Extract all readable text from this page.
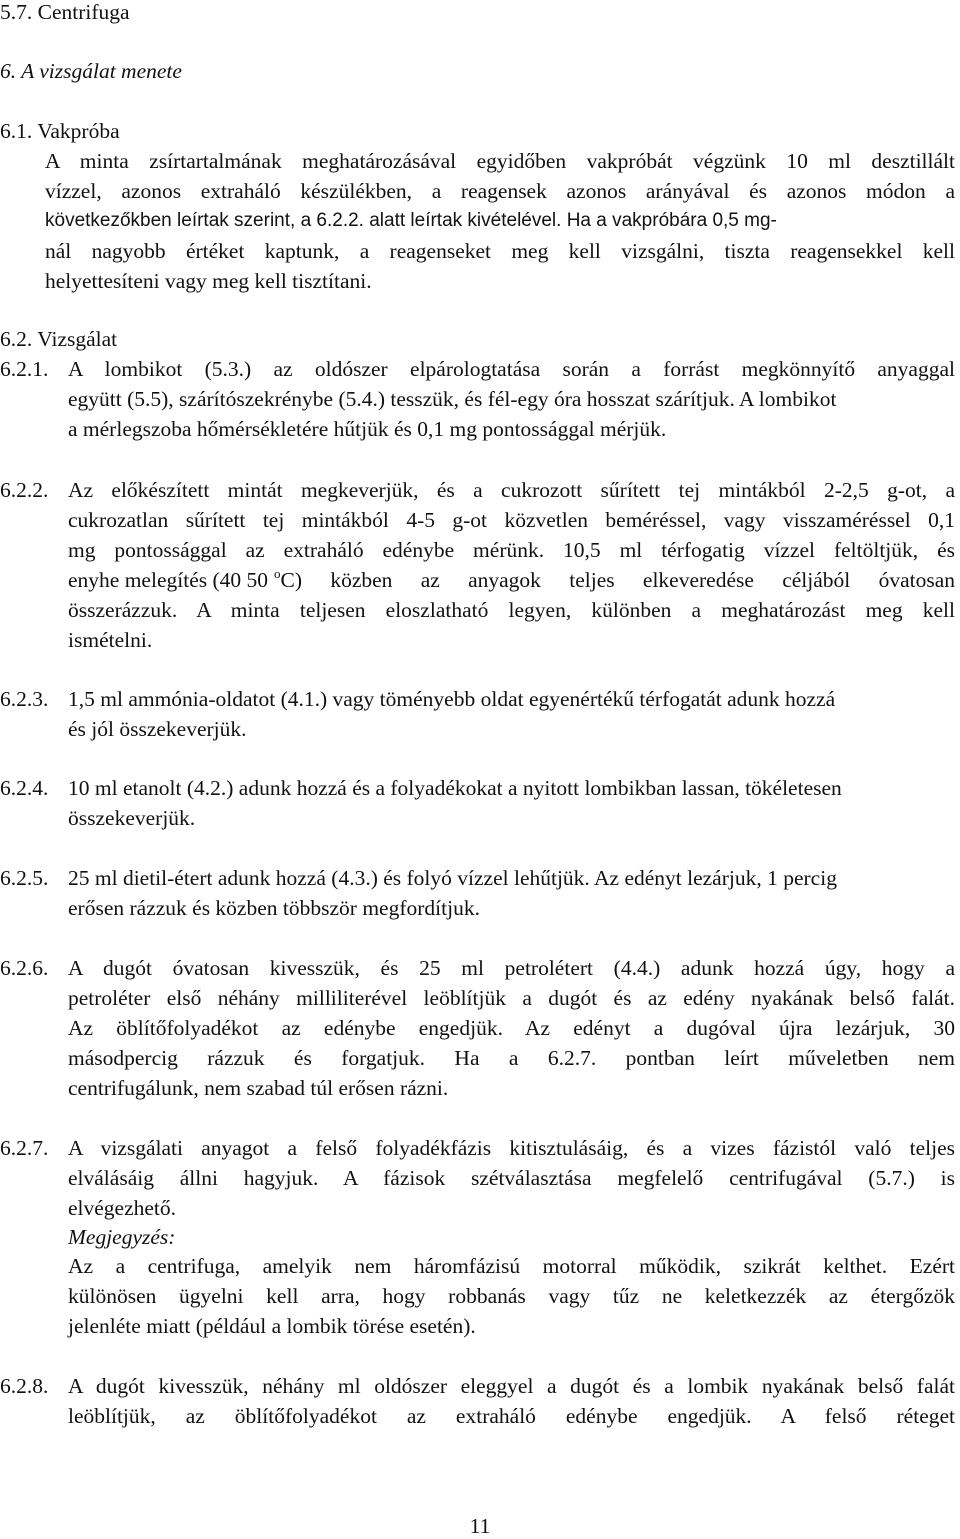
5.7. Centrifuga
6. A vizsgálat menete
6.1. Vakpróba
A minta zsírtartalmának meghatározásával egyidőben vakpróbát végzünk 10 ml desztillált
vízzel, azonos extraháló készülékben, a reagensek azonos arányával és azonos módon a
következőkben leírtak szerint, a 6.2.2. alatt leírtak kivételével. Ha a vakpróbára 0,5 mg-
nál nagyobb értéket kaptunk, a reagenseket meg kell vizsgálni, tiszta reagensekkel kell
helyettesíteni vagy meg kell tisztítani.
6.2. Vizsgálat
6.2.1. A lombikot (5.3.) az oldószer elpárologtatása során a forrást megkönnyítő anyaggal
együtt (5.5), szárítószekrénybe (5.4.) tesszük, és fél-egy óra hosszat szárítjuk. A lombikot
a mérlegszoba hőmérsékletére hűtjük és 0,1 mg pontossággal mérjük.
6.2.2. Az előkészített mintát megkeverjük, és a cukrozott sűrített tej mintákból 2-2,5 g-ot, a
cukrozatlan sűrített tej mintákból 4-5 g-ot közvetlen beméréssel, vagy visszaméréssel 0,1
mg pontossággal az extraháló edénybe mérünk. 10,5 ml térfogatig vízzel feltöltjük, és
enyhe melegítés (40 50 $^o$C) közben az anyagok teljes elkeveredése céljából óvatosan
összerázzuk. A minta teljesen eloszlatható legyen, különben a meghatározást meg kell
ismételni.
6.2.3. 1,5 ml ammónia-oldatot (4.1.) vagy töményebb oldat egyenértékű térfogatát adunk hozzá
és jól összekeverjük.
6.2.4. 10 ml etanolt (4.2.) adunk hozzá és a folyadékokat a nyitott lombikban lassan, tökéletesen
összekeverjük.
6.2.5. 25 ml dietil-étert adunk hozzá (4.3.) és folyó vízzel lehűtjük. Az edényt lezárjuk, 1 percig
erősen rázzuk és közben többször megfordítjuk.
6.2.6. A dugót óvatosan kivesszük, és 25 ml petrolétert (4.4.) adunk hozzá úgy, hogy a
petroléter első néhány milliliterével leöblítjük a dugót és az edény nyakának belső falát.
Az öblítőfolyadékot az edénybe engedjük. Az edényt a dugóval újra lezárjuk, 30
másodpercig rázzuk és forgatjuk. Ha a 6.2.7. pontban leírt műveletben nem
centrifugálunk, nem szabad túl erősen rázni.
6.2.7. A vizsgálati anyagot a felső folyadékfázis kitisztulásáig, és a vizes fázistól való teljes
elválásáig állni hagyjuk. A fázisok szétválasztása megfelelő centrifugával (5.7.) is
elvégezhető.
Megjegyzés:
Az a centrifuga, amelyik nem háromfázisú motorral működik, szikrát kelthet. Ezért
különösen ügyelni kell arra, hogy robbanás vagy tűz ne keletkezzék az étergőzök
jelenléte miatt (például a lombik törése esetén).
6.2.8. A dugót kivesszük, néhány ml oldószer eleggyel a dugót és a lombik nyakának belső falát
leöblítjük, az öblítőfolyadékot az extraháló edénybe engedjük. A felső réteget
11
